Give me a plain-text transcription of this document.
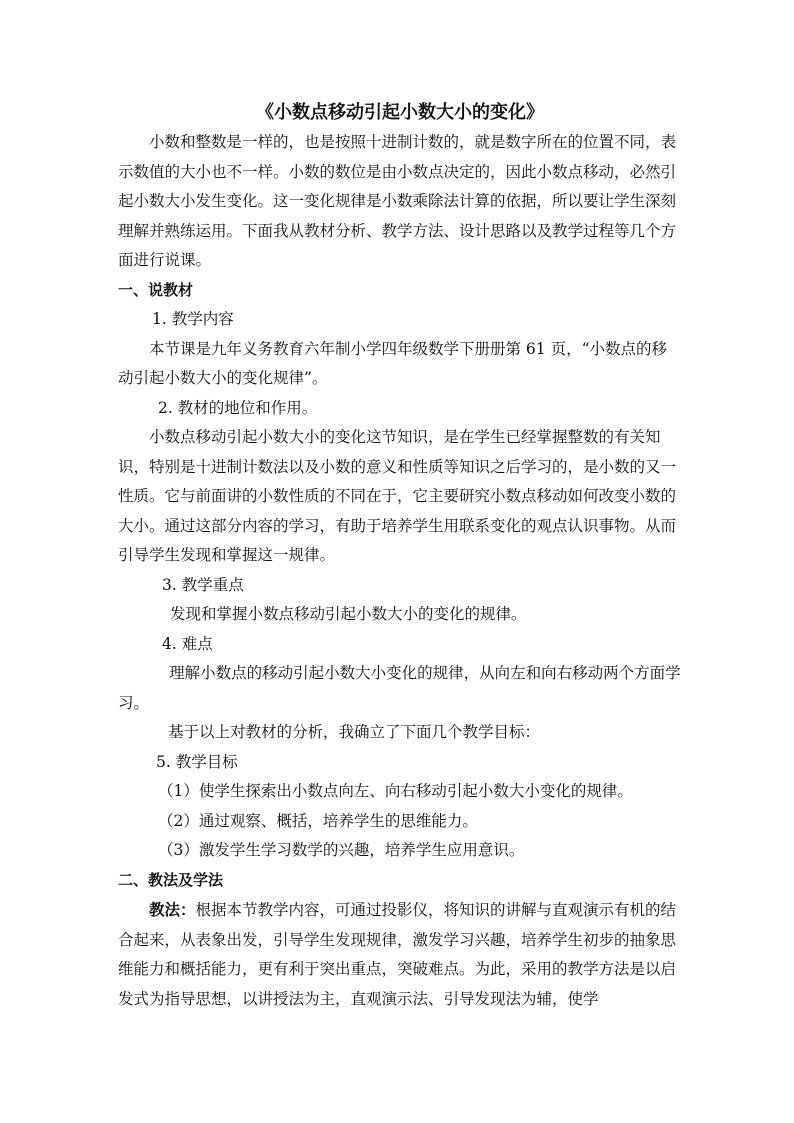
《小数点移动引起小数大小的变化》

小数和整数是一样的，也是按照十进制计数的，就是数字所在的位置不同，表示数值的大小也不一样。小数的数位是由小数点决定的，因此小数点移动，必然引起小数大小发生变化。这一变化规律是小数乘除法计算的依据，所以要让学生深刻理解并熟练运用。下面我从教材分析、教学方法、设计思路以及教学过程等几个方面进行说课。

一、说教材

1. 教学内容

本节课是九年义务教育六年制小学四年级数学下册册第 61 页，“小数点的移动引起小数大小的变化规律”。

2. 教材的地位和作用。

小数点移动引起小数大小的变化这节知识，是在学生已经掌握整数的有关知识，特别是十进制计数法以及小数的意义和性质等知识之后学习的，是小数的又一性质。它与前面讲的小数性质的不同在于，它主要研究小数点移动如何改变小数的大小。通过这部分内容的学习，有助于培养学生用联系变化的观点认识事物。从而引导学生发现和掌握这一规律。

3. 教学重点

发现和掌握小数点移动引起小数大小的变化的规律。

4. 难点

理解小数点的移动引起小数大小变化的规律，从向左和向右移动两个方面学习。

基于以上对教材的分析，我确立了下面几个教学目标：

5. 教学目标

（1）使学生探索出小数点向左、向右移动引起小数大小变化的规律。

（2）通过观察、概括，培养学生的思维能力。

（3）激发学生学习数学的兴趣，培养学生应用意识。

二、教法及学法

教法：根据本节教学内容，可通过投影仪，将知识的讲解与直观演示有机的结合起来，从表象出发，引导学生发现规律，激发学习兴趣，培养学生初步的抽象思维能力和概括能力，更有利于突出重点，突破难点。为此，采用的教学方法是以启发式为指导思想，以讲授法为主，直观演示法、引导发现法为辅，使学
